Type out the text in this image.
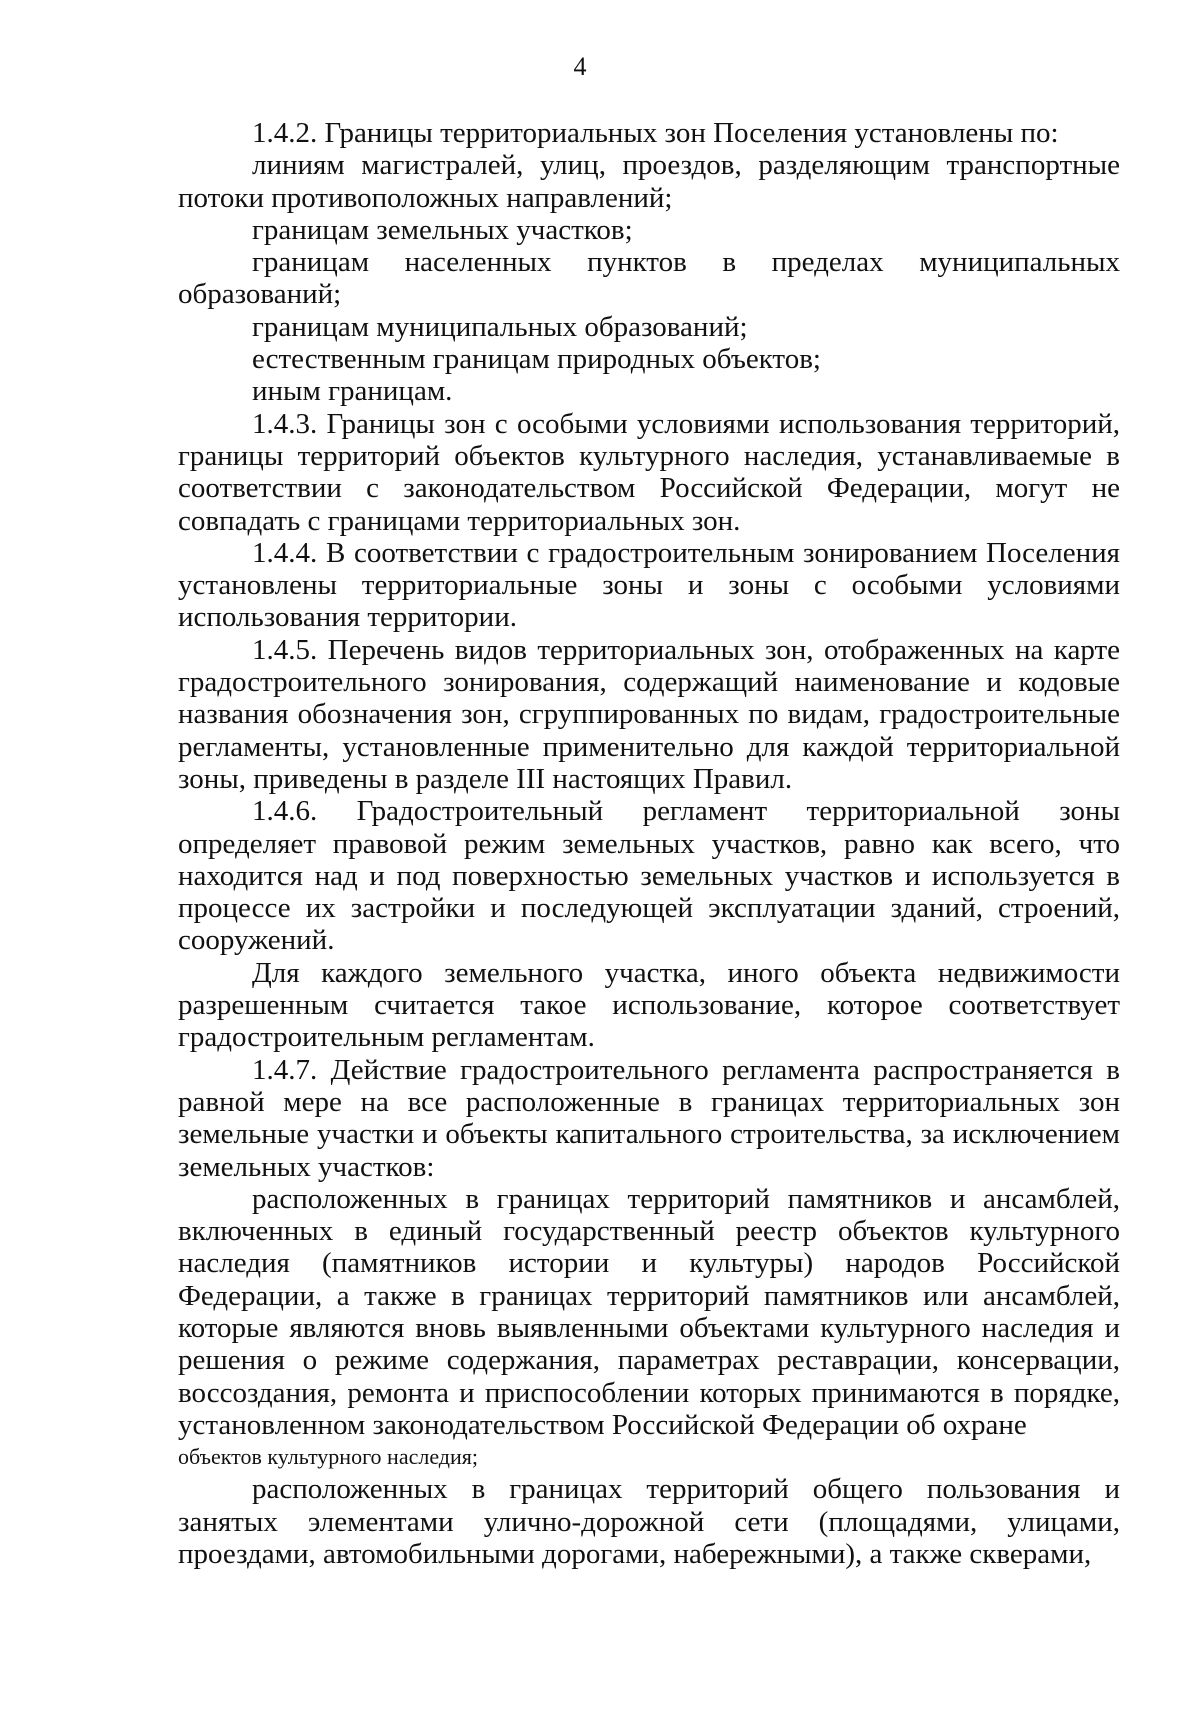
4

1.4.2. Границы территориальных зон Поселения установлены по:

линиям магистралей, улиц, проездов, разделяющим транспортные потоки противоположных направлений;

границам земельных участков;

границам населенных пунктов в пределах муниципальных образований;

границам муниципальных образований;

естественным границам природных объектов;

иным границам.

1.4.3. Границы зон с особыми условиями использования территорий, границы территорий объектов культурного наследия, устанавливаемые в соответствии с законодательством Российской Федерации, могут не совпадать с границами территориальных зон.

1.4.4. В соответствии с градостроительным зонированием Поселения установлены территориальные зоны и зоны с особыми условиями использования территории.

1.4.5. Перечень видов территориальных зон, отображенных на карте градостроительного зонирования, содержащий наименование и кодовые названия обозначения зон, сгруппированных по видам, градостроительные регламенты, установленные применительно для каждой территориальной зоны, приведены в разделе III настоящих Правил.

1.4.6. Градостроительный регламент территориальной зоны определяет правовой режим земельных участков, равно как всего, что находится над и под поверхностью земельных участков и используется в процессе их застройки и последующей эксплуатации зданий, строений, сооружений.

Для каждого земельного участка, иного объекта недвижимости разрешенным считается такое использование, которое соответствует градостроительным регламентам.

1.4.7. Действие градостроительного регламента распространяется в равной мере на все расположенные в границах территориальных зон земельные участки и объекты капитального строительства, за исключением земельных участков:

расположенных в границах территорий памятников и ансамблей, включенных в единый государственный реестр объектов культурного наследия (памятников истории и культуры) народов Российской Федерации, а также в границах территорий памятников или ансамблей, которые являются вновь выявленными объектами культурного наследия и решения о режиме содержания, параметрах реставрации, консервации, воссоздания, ремонта и приспособлении которых принимаются в порядке, установленном законодательством Российской Федерации об охране

объектов культурного наследия;

расположенных в границах территорий общего пользования и занятых элементами улично-дорожной сети (площадями, улицами, проездами, автомобильными дорогами, набережными), а также скверами,
